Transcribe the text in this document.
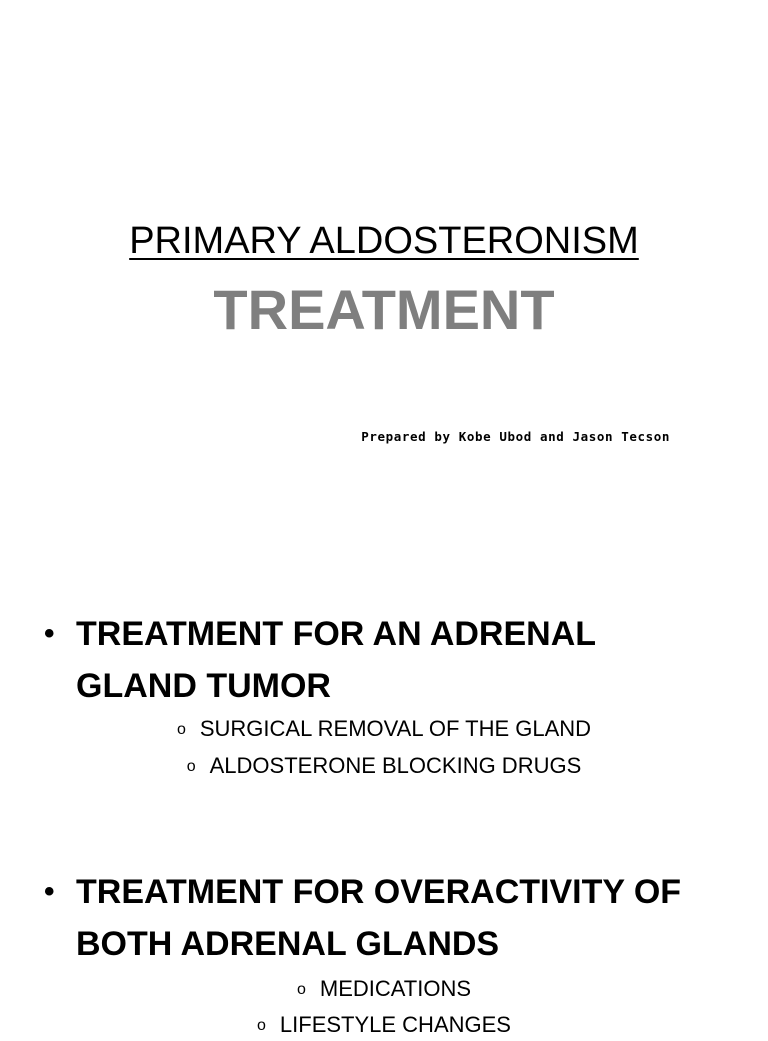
PRIMARY ALDOSTERONISM
TREATMENT
Prepared by Kobe Ubod and Jason Tecson
• TREATMENT FOR AN ADRENAL
GLAND TUMOR
o SURGICAL REMOVAL OF THE GLAND
o ALDOSTERONE BLOCKING DRUGS
• TREATMENT FOR OVERACTIVITY OF
BOTH ADRENAL GLANDS
o MEDICATIONS
o LIFESTYLE CHANGES
